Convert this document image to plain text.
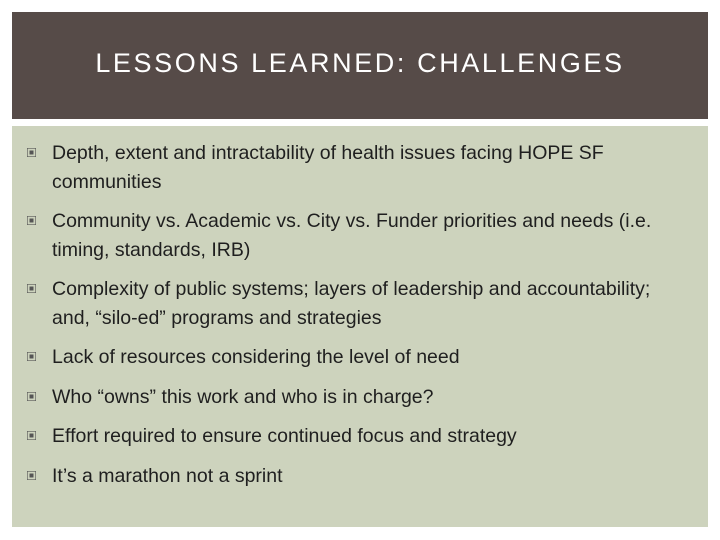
LESSONS LEARNED: CHALLENGES
Depth, extent and intractability of health issues facing HOPE SF communities
Community vs. Academic vs. City vs. Funder priorities and needs (i.e. timing, standards, IRB)
Complexity of public systems; layers of leadership and accountability; and, “silo-ed” programs and strategies
Lack of resources considering the level of need
Who “owns” this work and who is in charge?
Effort required to ensure continued focus and strategy
It’s a marathon not a sprint
